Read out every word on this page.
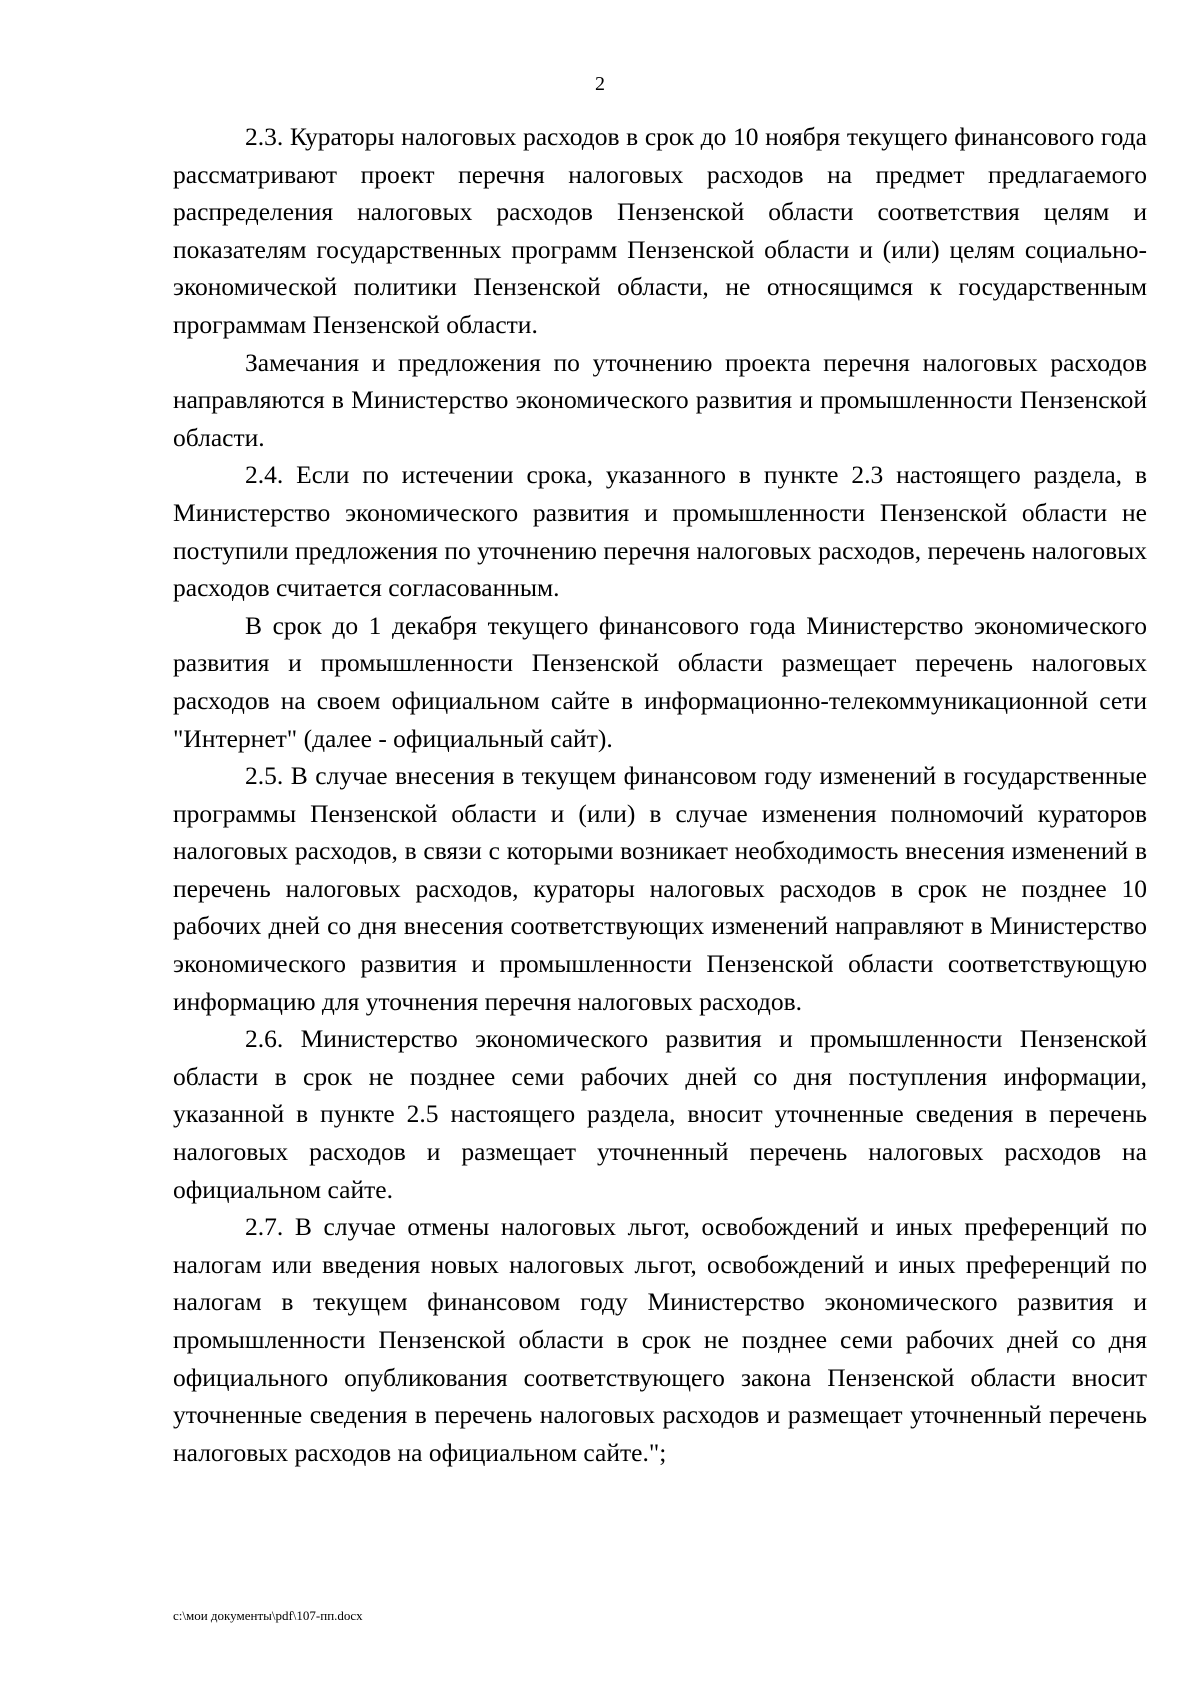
2

2.3. Кураторы налоговых расходов в срок до 10 ноября текущего финансового года рассматривают проект перечня налоговых расходов на предмет предлагаемого распределения налоговых расходов Пензенской области соответствия целям и показателям государственных программ Пензенской области и (или) целям социально-экономической политики Пензенской области, не относящимся к государственным программам Пензенской области.

Замечания и предложения по уточнению проекта перечня налоговых расходов направляются в Министерство экономического развития и промышленности Пензенской области.

2.4. Если по истечении срока, указанного в пункте 2.3 настоящего раздела, в Министерство экономического развития и промышленности Пензенской области не поступили предложения по уточнению перечня налоговых расходов, перечень налоговых расходов считается согласованным.

В срок до 1 декабря текущего финансового года Министерство экономического развития и промышленности Пензенской области размещает перечень налоговых расходов на своем официальном сайте в информационно-телекоммуникационной сети "Интернет" (далее - официальный сайт).

2.5. В случае внесения в текущем финансовом году изменений в государственные программы Пензенской области и (или) в случае изменения полномочий кураторов налоговых расходов, в связи с которыми возникает необходимость внесения изменений в перечень налоговых расходов, кураторы налоговых расходов в срок не позднее 10 рабочих дней со дня внесения соответствующих изменений направляют в Министерство экономического развития и промышленности Пензенской области соответствующую информацию для уточнения перечня налоговых расходов.

2.6. Министерство экономического развития и промышленности Пензенской области в срок не позднее семи рабочих дней со дня поступления информации, указанной в пункте 2.5 настоящего раздела, вносит уточненные сведения в перечень налоговых расходов и размещает уточненный перечень налоговых расходов на официальном сайте.

2.7. В случае отмены налоговых льгот, освобождений и иных преференций по налогам или введения новых налоговых льгот, освобождений и иных преференций по налогам в текущем финансовом году Министерство экономического развития и промышленности Пензенской области в срок не позднее семи рабочих дней со дня официального опубликования соответствующего закона Пензенской области вносит уточненные сведения в перечень налоговых расходов и размещает уточненный перечень налоговых расходов на официальном сайте.";

c:\мои документы\pdf\107-пп.docx
